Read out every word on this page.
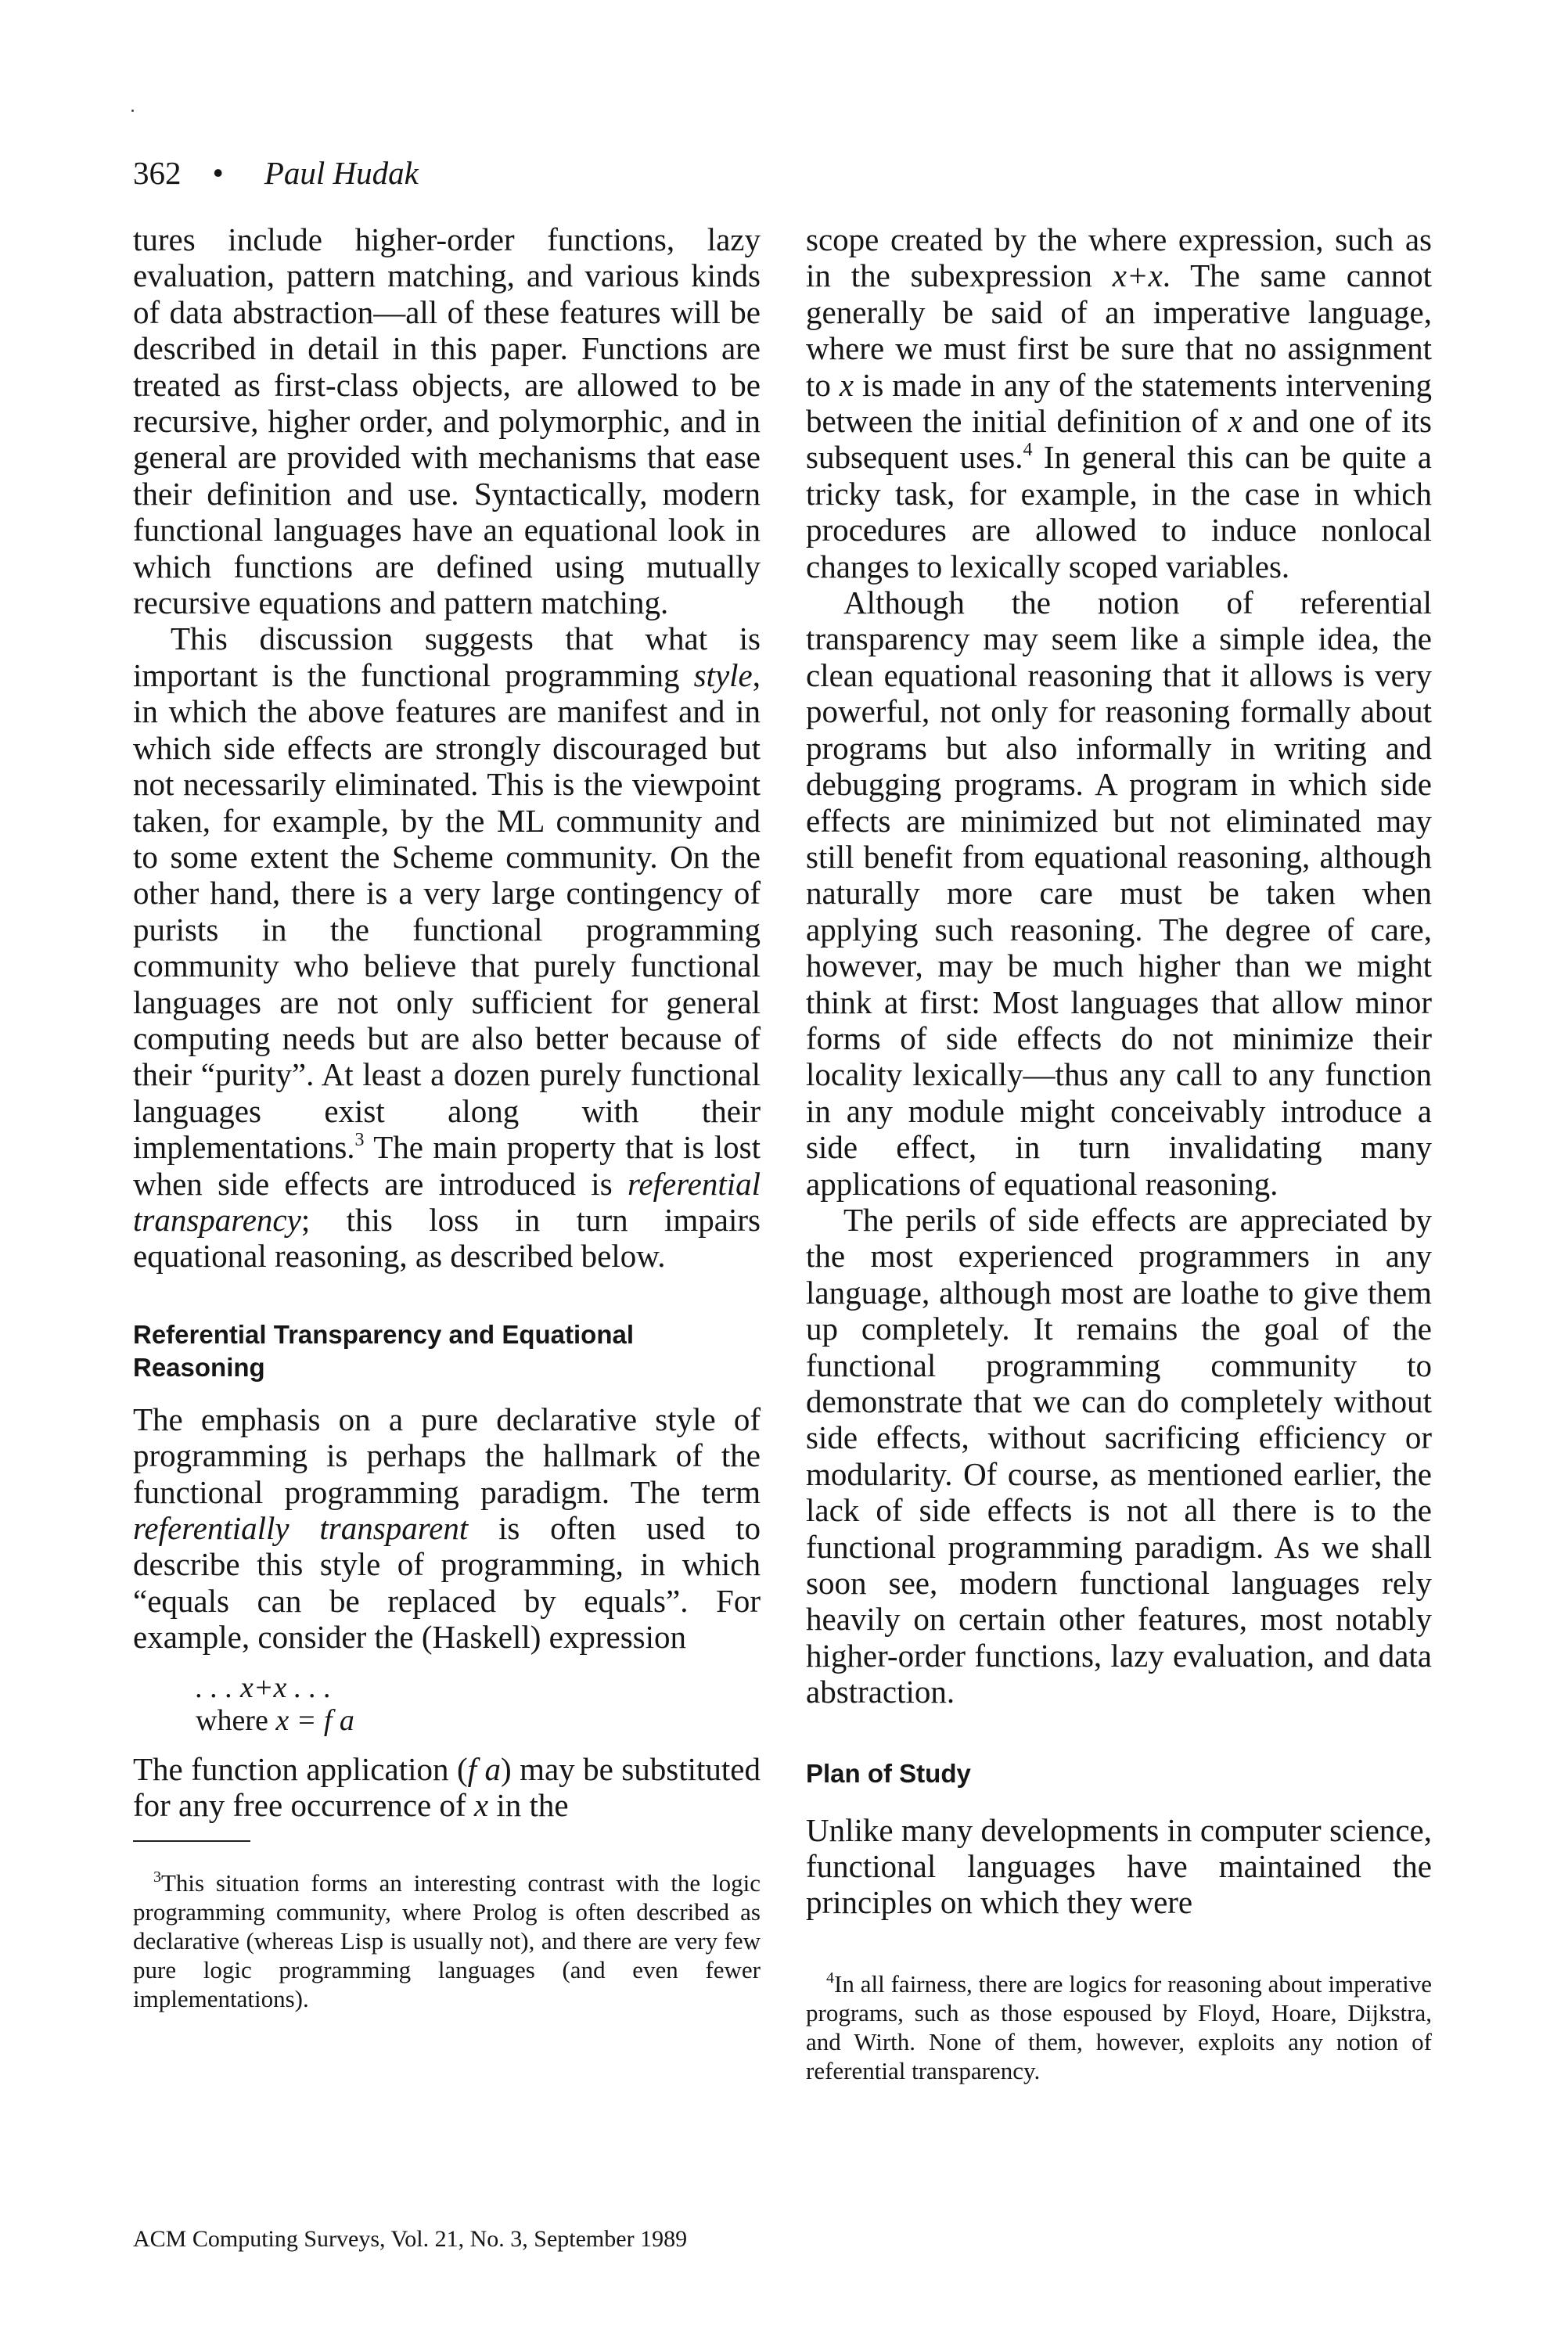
362 • Paul Hudak

tures include higher-order functions, lazy evaluation, pattern matching, and various kinds of data abstraction—all of these features will be described in detail in this paper. Functions are treated as first-class objects, are allowed to be recursive, higher order, and polymorphic, and in general are provided with mechanisms that ease their definition and use. Syntactically, modern functional languages have an equational look in which functions are defined using mutually recursive equations and pattern matching.

This discussion suggests that what is important is the functional programming style, in which the above features are manifest and in which side effects are strongly discouraged but not necessarily eliminated. This is the viewpoint taken, for example, by the ML community and to some extent the Scheme community. On the other hand, there is a very large contingency of purists in the functional programming community who believe that purely functional languages are not only sufficient for general computing needs but are also better because of their “purity”. At least a dozen purely functional languages exist along with their implementations.$^3$ The main property that is lost when side effects are introduced is referential transparency; this loss in turn impairs equational reasoning, as described below.

Referential Transparency and Equational Reasoning

The emphasis on a pure declarative style of programming is perhaps the hallmark of the functional programming paradigm. The term referentially transparent is often used to describe this style of programming, in which “equals can be replaced by equals”. For example, consider the (Haskell) expression

. . . x+x . . .
where x = f a

The function application (f a) may be substituted for any free occurrence of x in the

$^3$This situation forms an interesting contrast with the logic programming community, where Prolog is often described as declarative (whereas Lisp is usually not), and there are very few pure logic programming languages (and even fewer implementations).

scope created by the where expression, such as in the subexpression x+x. The same cannot generally be said of an imperative language, where we must first be sure that no assignment to x is made in any of the statements intervening between the initial definition of x and one of its subsequent uses.$^4$ In general this can be quite a tricky task, for example, in the case in which procedures are allowed to induce nonlocal changes to lexically scoped variables.

Although the notion of referential transparency may seem like a simple idea, the clean equational reasoning that it allows is very powerful, not only for reasoning formally about programs but also informally in writing and debugging programs. A program in which side effects are minimized but not eliminated may still benefit from equational reasoning, although naturally more care must be taken when applying such reasoning. The degree of care, however, may be much higher than we might think at first: Most languages that allow minor forms of side effects do not minimize their locality lexically—thus any call to any function in any module might conceivably introduce a side effect, in turn invalidating many applications of equational reasoning.

The perils of side effects are appreciated by the most experienced programmers in any language, although most are loathe to give them up completely. It remains the goal of the functional programming community to demonstrate that we can do completely without side effects, without sacrificing efficiency or modularity. Of course, as mentioned earlier, the lack of side effects is not all there is to the functional programming paradigm. As we shall soon see, modern functional languages rely heavily on certain other features, most notably higher-order functions, lazy evaluation, and data abstraction.

Plan of Study

Unlike many developments in computer science, functional languages have maintained the principles on which they were

$^4$In all fairness, there are logics for reasoning about imperative programs, such as those espoused by Floyd, Hoare, Dijkstra, and Wirth. None of them, however, exploits any notion of referential transparency.

ACM Computing Surveys, Vol. 21, No. 3, September 1989
